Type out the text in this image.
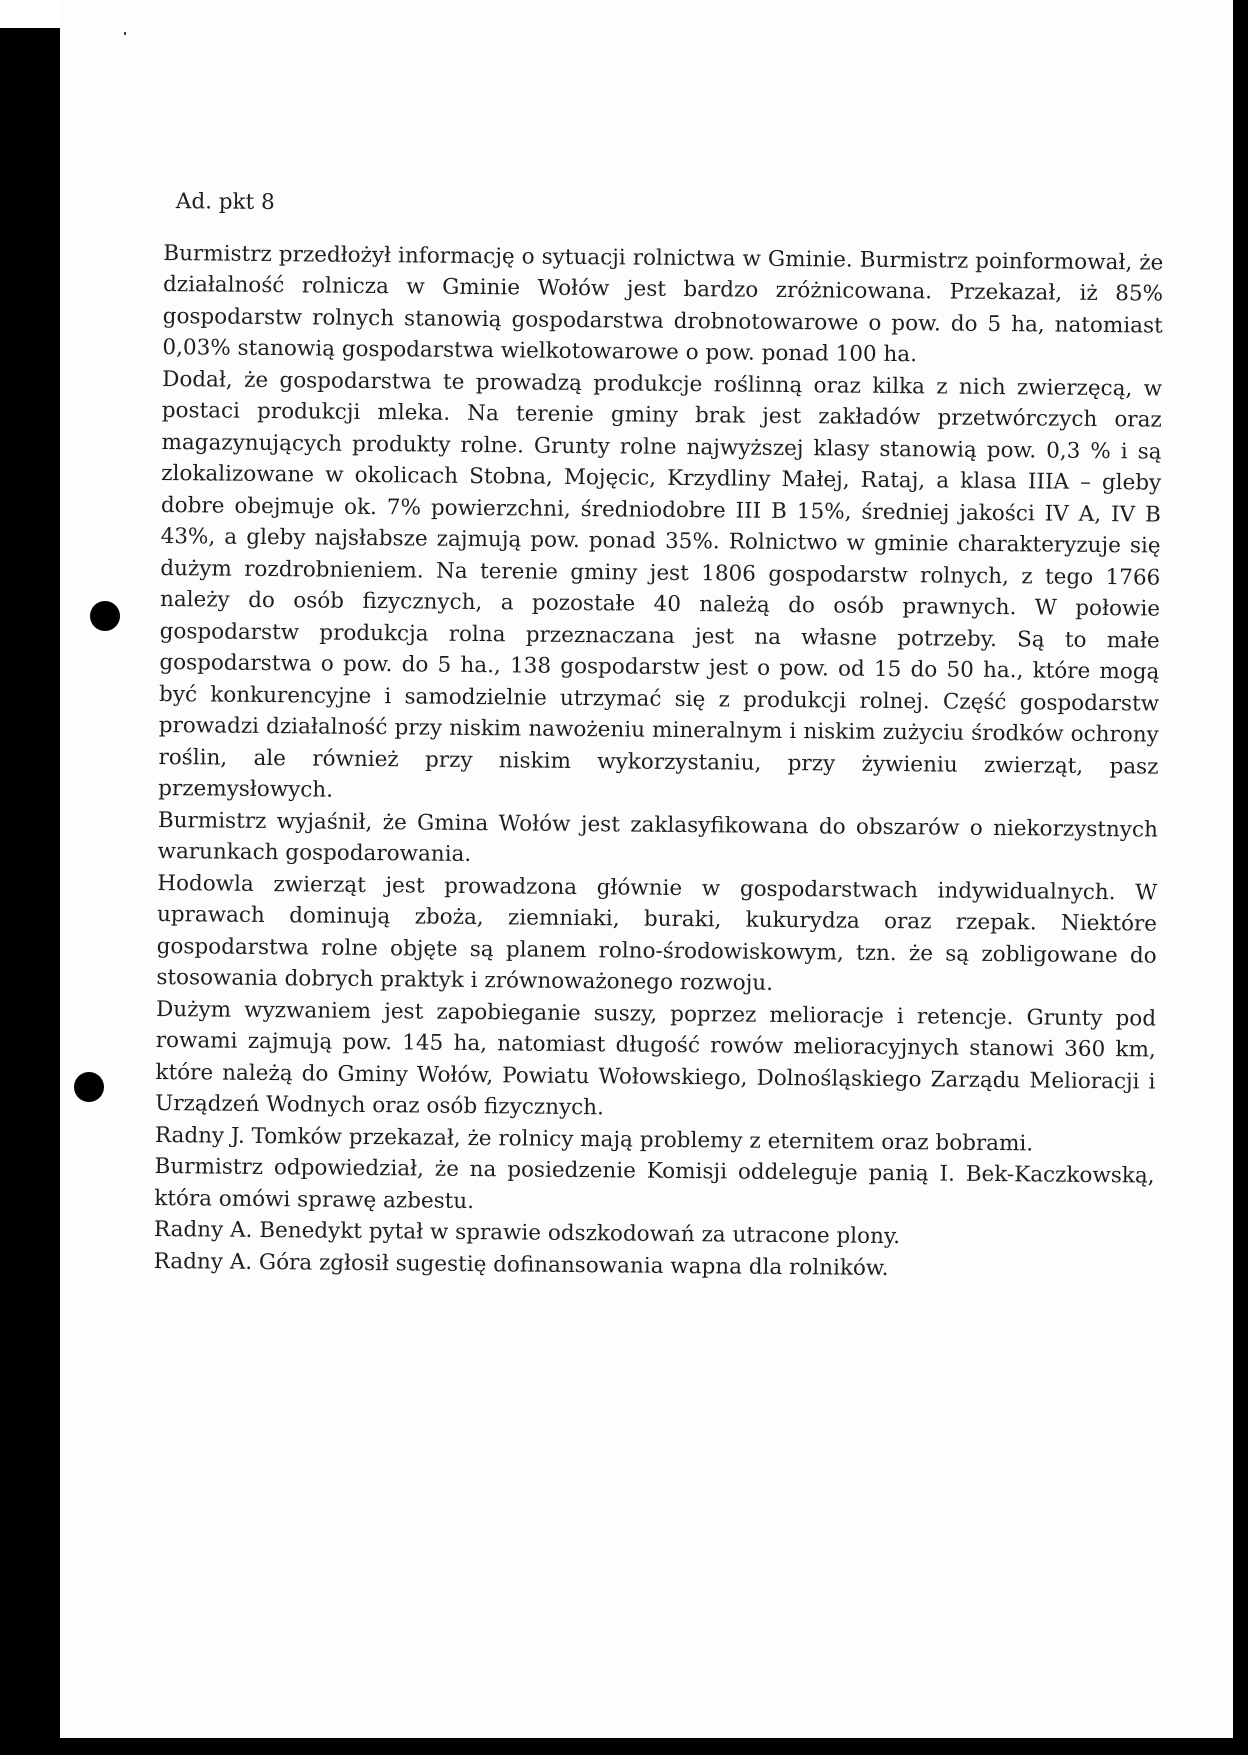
Ad. pkt 8

Burmistrz przedłożył informację o sytuacji rolnictwa w Gminie. Burmistrz poinformował, że działalność rolnicza w Gminie Wołów jest bardzo zróżnicowana. Przekazał, iż 85% gospodarstw rolnych stanowią gospodarstwa drobnotowarowe o pow. do 5 ha, natomiast 0,03% stanowią gospodarstwa wielkotowarowe o pow. ponad 100 ha.

Dodał, że gospodarstwa te prowadzą produkcje roślinną oraz kilka z nich zwierzęcą, w postaci produkcji mleka. Na terenie gminy brak jest zakładów przetwórczych oraz magazynujących produkty rolne. Grunty rolne najwyższej klasy stanowią pow. 0,3 % i są zlokalizowane w okolicach Stobna, Mojęcic, Krzydliny Małej, Rataj, a klasa IIIA – gleby dobre obejmuje ok. 7% powierzchni, średniodobre III B 15%, średniej jakości IV A, IV B 43%, a gleby najsłabsze zajmują pow. ponad 35%. Rolnictwo w gminie charakteryzuje się dużym rozdrobnieniem. Na terenie gminy jest 1806 gospodarstw rolnych, z tego 1766 należy do osób fizycznych, a pozostałe 40 należą do osób prawnych. W połowie gospodarstw produkcja rolna przeznaczana jest na własne potrzeby. Są to małe gospodarstwa o pow. do 5 ha., 138 gospodarstw jest o pow. od 15 do 50 ha., które mogą być konkurencyjne i samodzielnie utrzymać się z produkcji rolnej. Część gospodarstw prowadzi działalność przy niskim nawożeniu mineralnym i niskim zużyciu środków ochrony roślin, ale również przy niskim wykorzystaniu, przy żywieniu zwierząt, pasz przemysłowych.

Burmistrz wyjaśnił, że Gmina Wołów jest zaklasyfikowana do obszarów o niekorzystnych warunkach gospodarowania.

Hodowla zwierząt jest prowadzona głównie w gospodarstwach indywidualnych. W uprawach dominują zboża, ziemniaki, buraki, kukurydza oraz rzepak. Niektóre gospodarstwa rolne objęte są planem rolno-środowiskowym, tzn. że są zobligowane do stosowania dobrych praktyk i zrównoważonego rozwoju.

Dużym wyzwaniem jest zapobieganie suszy, poprzez melioracje i retencje. Grunty pod rowami zajmują pow. 145 ha, natomiast długość rowów melioracyjnych stanowi 360 km, które należą do Gminy Wołów, Powiatu Wołowskiego, Dolnośląskiego Zarządu Melioracji i Urządzeń Wodnych oraz osób fizycznych.

Radny J. Tomków przekazał, że rolnicy mają problemy z eternitem oraz bobrami.

Burmistrz odpowiedział, że na posiedzenie Komisji oddeleguje panią I. Bek-Kaczkowską, która omówi sprawę azbestu.

Radny A. Benedykt pytał w sprawie odszkodowań za utracone plony.

Radny A. Góra zgłosił sugestię dofinansowania wapna dla rolników.
